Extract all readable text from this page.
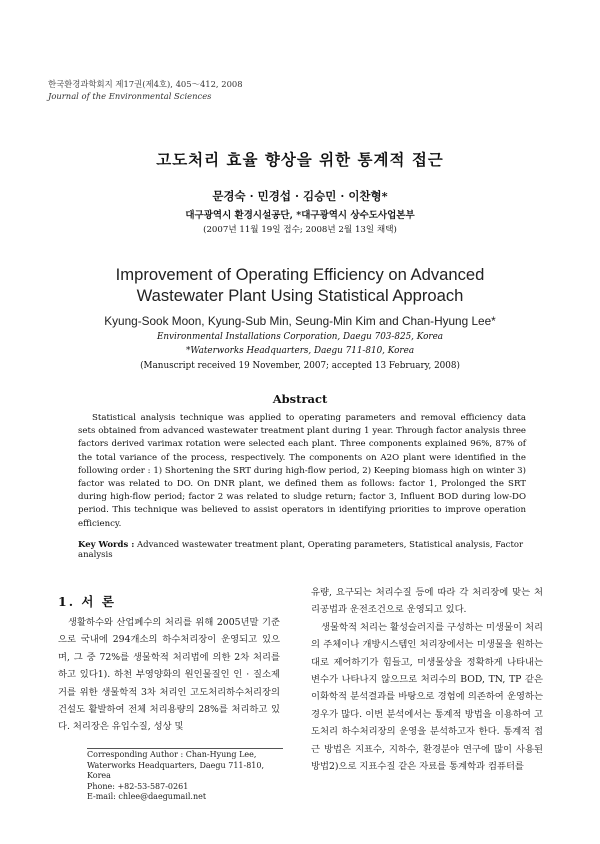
한국환경과학회지 제17권(제4호), 405～412, 2008
Journal of the Environmental Sciences
고도처리 효율 향상을 위한 통계적 접근
문경숙 · 민경섭 · 김승민 · 이찬형*
대구광역시 환경시설공단, *대구광역시 상수도사업본부
(2007년 11월 19일 접수; 2008년 2월 13일 채택)
Improvement of Operating Efficiency on Advanced
Wastewater Plant Using Statistical Approach
Kyung-Sook Moon, Kyung-Sub Min, Seung-Min Kim and Chan-Hyung Lee*
Environmental Installations Corporation, Daegu 703-825, Korea
*Waterworks Headquarters, Daegu 711-810, Korea
(Manuscript received 19 November, 2007; accepted 13 February, 2008)
Abstract
Statistical analysis technique was applied to operating parameters and removal efficiency data sets obtained from advanced wastewater treatment plant during 1 year. Through factor analysis three factors derived varimax rotation were selected each plant. Three components explained 96%, 87% of the total variance of the process, respectively. The components on A2O plant were identified in the following order : 1) Shortening the SRT during high-flow period, 2) Keeping biomass high on winter 3) factor was related to DO. On DNR plant, we defined them as follows: factor 1, Prolonged the SRT during high-flow period; factor 2 was related to sludge return; factor 3, Influent BOD during low-DO period. This technique was believed to assist operators in identifying priorities to improve operation efficiency.
Key Words : Advanced wastewater treatment plant, Operating parameters, Statistical analysis, Factor analysis
1. 서 론
생활하수와 산업폐수의 처리를 위해 2005년말 기준으로 국내에 294개소의 하수처리장이 운영되고 있으며, 그 중 72%를 생물학적 처리법에 의한 2차 처리를 하고 있다1). 하천 부영양화의 원인물질인 인 · 질소제거를 위한 생물학적 3차 처리인 고도처리하수처리장의 건설도 활발하여 전체 처리용량의 28%를 처리하고 있다. 처리장은 유입수질, 성상 및
유량, 요구되는 처리수질 등에 따라 각 처리장에 맞는 처리공법과 운전조건으로 운영되고 있다.
생물학적 처리는 활성슬러지를 구성하는 미생물이 처리의 주체이나 개방시스템인 처리장에서는 미생물을 원하는 대로 제어하기가 힘들고, 미생물상을 정확하게 나타내는 변수가 나타나지 않으므로 처리수의 BOD, TN, TP 같은 이화학적 분석결과를 바탕으로 경험에 의존하여 운영하는 경우가 많다. 이번 분석에서는 통계적 방법을 이용하여 고도처리 하수처리장의 운영을 분석하고자 한다. 통계적 접근 방법은 지표수, 지하수, 환경분야 연구에 많이 사용된 방법2)으로 지표수질 같은 자료를 통계학과 컴퓨터를
Corresponding Author : Chan-Hyung Lee, Waterworks Headquarters, Daegu 711-810, Korea
Phone: +82-53-587-0261
E-mail: chlee@daegumail.net
